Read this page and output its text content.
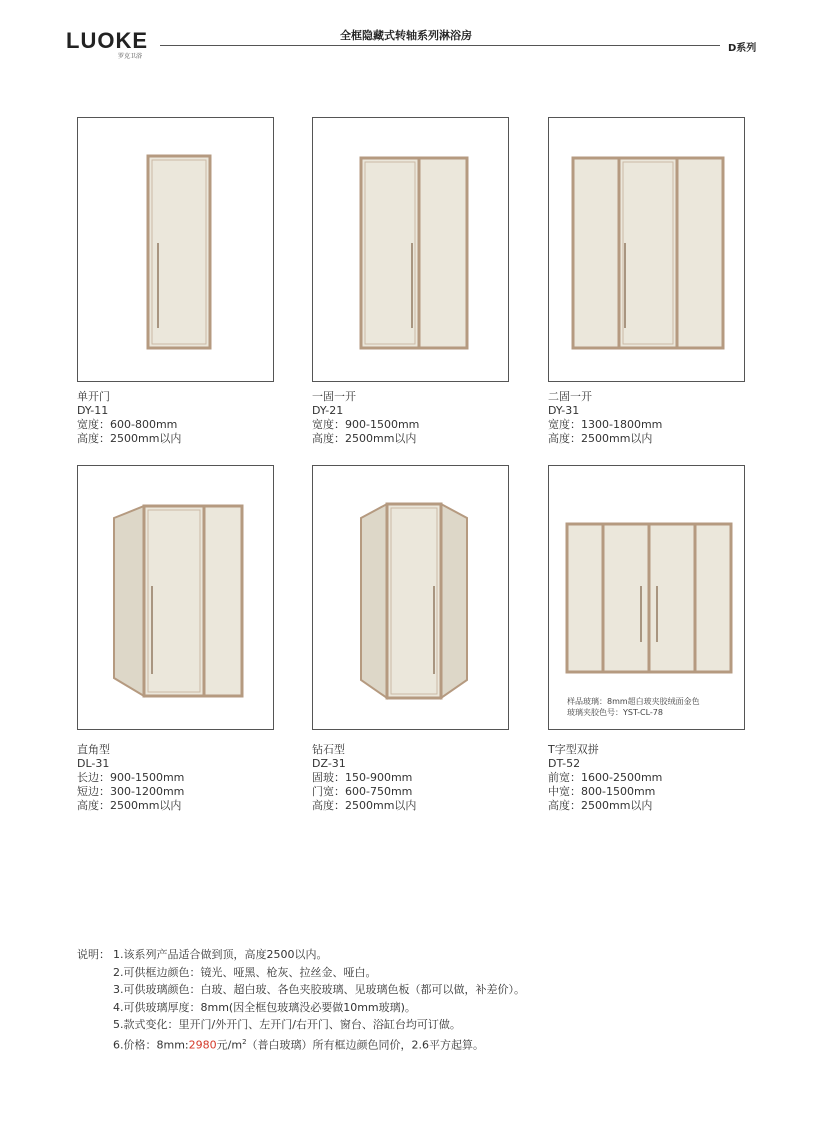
LUOKE
罗克卫浴
全框隐藏式转轴系列淋浴房
D系列
单开门
DY-11
宽度：600-800mm
高度：2500mm以内
一固一开
DY-21
宽度：900-1500mm
高度：2500mm以内
二固一开
DY-31
宽度：1300-1800mm
高度：2500mm以内
样品玻璃：8mm超白玻夹胶绒面金色
玻璃夹胶色号：YST-CL-78
直角型
DL-31
长边：900-1500mm
短边：300-1200mm
高度：2500mm以内
钻石型
DZ-31
固玻：150-900mm
门宽：600-750mm
高度：2500mm以内
T字型双拼
DT-52
前宽：1600-2500mm
中宽：800-1500mm
高度：2500mm以内
说明： 1.该系列产品适合做到顶，高度2500以内。
2.可供框边颜色：镜光、哑黑、枪灰、拉丝金、哑白。
3.可供玻璃颜色：白玻、超白玻、各色夹胶玻璃、见玻璃色板（都可以做，补差价）。
4.可供玻璃厚度：8mm(因全框包玻璃没必要做10mm玻璃)。
5.款式变化：里开门/外开门、左开门/右开门、窗台、浴缸台均可订做。
6.价格：8mm:2980元$/m^2$（普白玻璃）所有框边颜色同价，2.6平方起算。
